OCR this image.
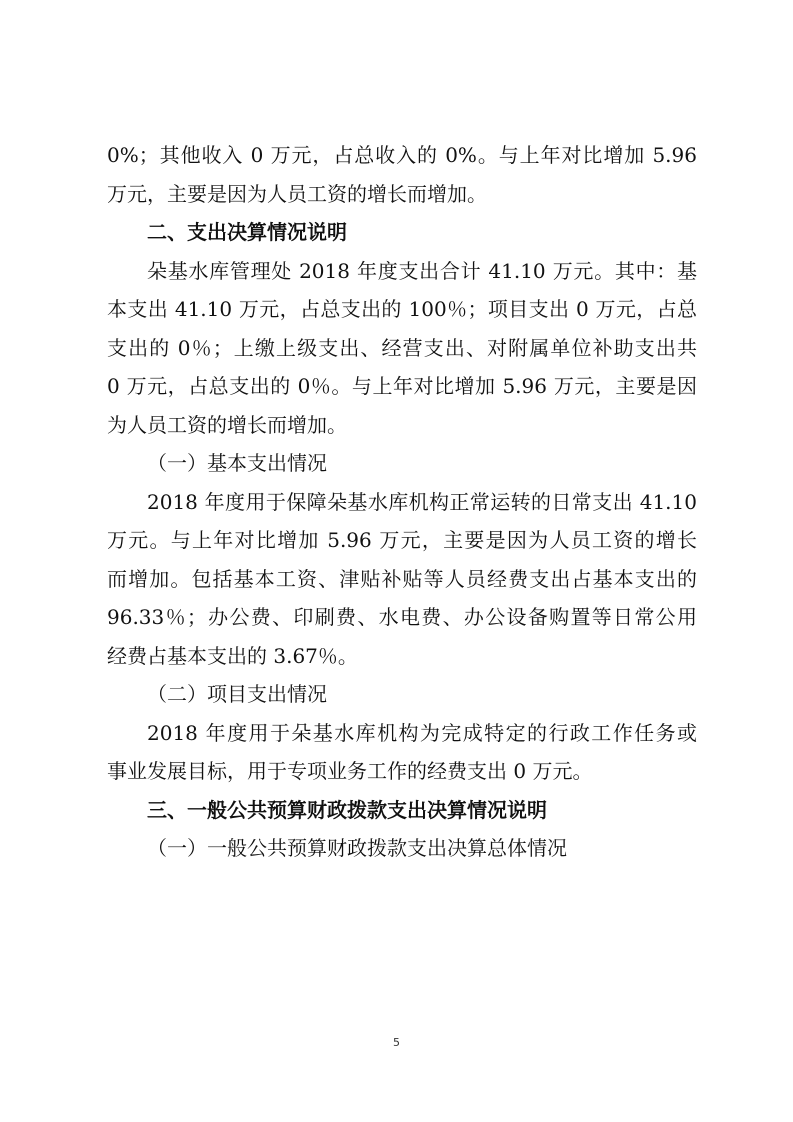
0%；其他收入 0 万元，占总收入的 0%。与上年对比增加 5.96
万元，主要是因为人员工资的增长而增加。
二、支出决算情况说明
朵基水库管理处 2018 年度支出合计 41.10 万元。其中：基
本支出 41.10 万元，占总支出的 100％；项目支出 0 万元，占总
支出的 0％；上缴上级支出、经营支出、对附属单位补助支出共
0 万元，占总支出的 0％。与上年对比增加 5.96 万元，主要是因
为人员工资的增长而增加。
（一）基本支出情况
2018 年度用于保障朵基水库机构正常运转的日常支出 41.10
万元。与上年对比增加 5.96 万元，主要是因为人员工资的增长
而增加。包括基本工资、津贴补贴等人员经费支出占基本支出的
96.33％；办公费、印刷费、水电费、办公设备购置等日常公用
经费占基本支出的 3.67％。
（二）项目支出情况
2018 年度用于朵基水库机构为完成特定的行政工作任务或
事业发展目标，用于专项业务工作的经费支出 0 万元。
三、一般公共预算财政拨款支出决算情况说明
（一）一般公共预算财政拨款支出决算总体情况
5
